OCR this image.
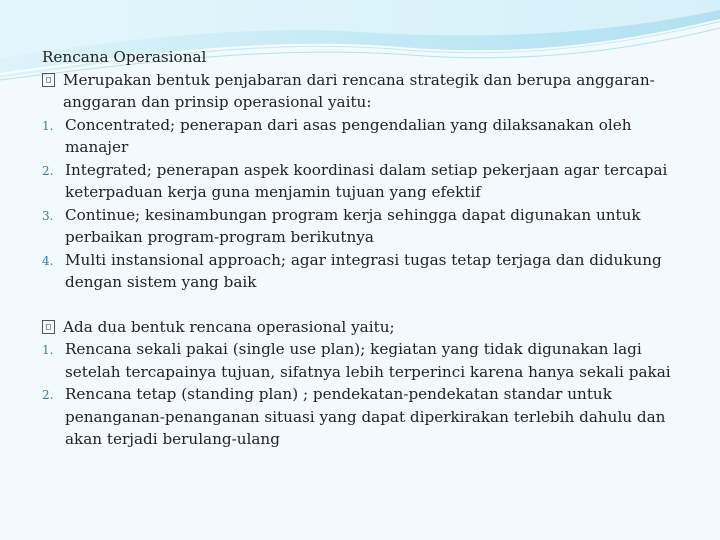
Rencana Operasional
Merupakan bentuk penjabaran dari rencana strategik dan berupa anggaran-anggaran dan prinsip operasional yaitu:
1. Concentrated; penerapan dari asas pengendalian yang dilaksanakan oleh manajer
2. Integrated; penerapan aspek koordinasi dalam setiap pekerjaan agar tercapai keterpaduan kerja guna menjamin tujuan yang efektif
3. Continue; kesinambungan program kerja sehingga dapat digunakan untuk perbaikan program-program berikutnya
4. Multi instansional approach; agar integrasi tugas tetap terjaga dan didukung dengan sistem yang baik
Ada dua bentuk rencana operasional yaitu;
1. Rencana sekali pakai (single use plan); kegiatan yang tidak digunakan lagi setelah tercapainya tujuan, sifatnya lebih terperinci karena hanya sekali pakai
2. Rencana tetap (standing plan) ; pendekatan-pendekatan standar untuk penanganan-penanganan situasi yang dapat diperkirakan terlebih dahulu dan akan terjadi berulang-ulang
